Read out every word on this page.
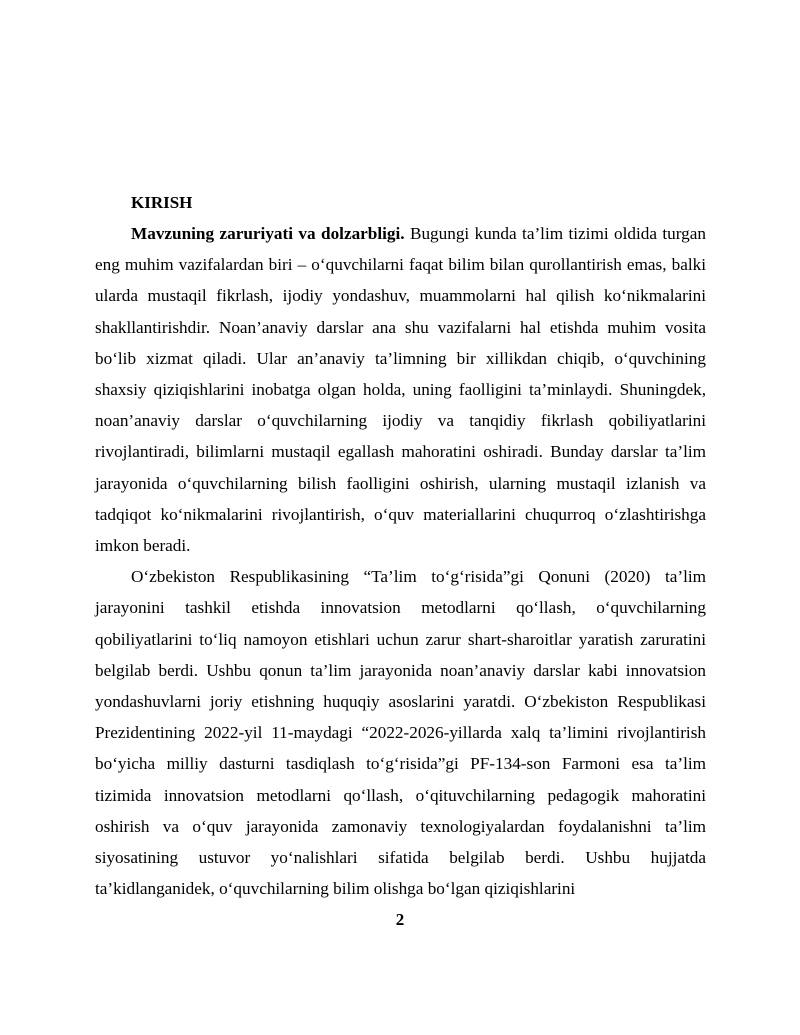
KIRISH

Mavzuning zaruriyati va dolzarbligi. Bugungi kunda ta’lim tizimi oldida turgan eng muhim vazifalardan biri – o‘quvchilarni faqat bilim bilan qurollantirish emas, balki ularda mustaqil fikrlash, ijodiy yondashuv, muammolarni hal qilish ko‘nikmalarini shakllantirishdir. Noan’anaviy darslar ana shu vazifalarni hal etishda muhim vosita bo‘lib xizmat qiladi. Ular an’anaviy ta’limning bir xillikdan chiqib, o‘quvchining shaxsiy qiziqishlarini inobatga olgan holda, uning faolligini ta’minlaydi. Shuningdek, noan’anaviy darslar o‘quvchilarning ijodiy va tanqidiy fikrlash qobiliyatlarini rivojlantiradi, bilimlarni mustaqil egallash mahoratini oshiradi. Bunday darslar ta’lim jarayonida o‘quvchilarning bilish faolligini oshirish, ularning mustaqil izlanish va tadqiqot ko‘nikmalarini rivojlantirish, o‘quv materiallarini chuqurroq o‘zlashtirishga imkon beradi.

O‘zbekiston Respublikasining “Ta’lim to‘g‘risida”gi Qonuni (2020) ta’lim jarayonini tashkil etishda innovatsion metodlarni qo‘llash, o‘quvchilarning qobiliyatlarini to‘liq namoyon etishlari uchun zarur shart-sharoitlar yaratish zaruratini belgilab berdi. Ushbu qonun ta’lim jarayonida noan’anaviy darslar kabi innovatsion yondashuvlarni joriy etishning huquqiy asoslarini yaratdi. O‘zbekiston Respublikasi Prezidentining 2022-yil 11-maydagi “2022-2026-yillarda xalq ta’limini rivojlantirish bo‘yicha milliy dasturni tasdiqlash to‘g‘risida”gi PF-134-son Farmoni esa ta’lim tizimida innovatsion metodlarni qo‘llash, o‘qituvchilarning pedagogik mahoratini oshirish va o‘quv jarayonida zamonaviy texnologiyalardan foydalanishni ta’lim siyosatining ustuvor yo‘nalishlari sifatida belgilab berdi. Ushbu hujjatda ta’kidlanganidek, o‘quvchilarning bilim olishga bo‘lgan qiziqishlarini

2
